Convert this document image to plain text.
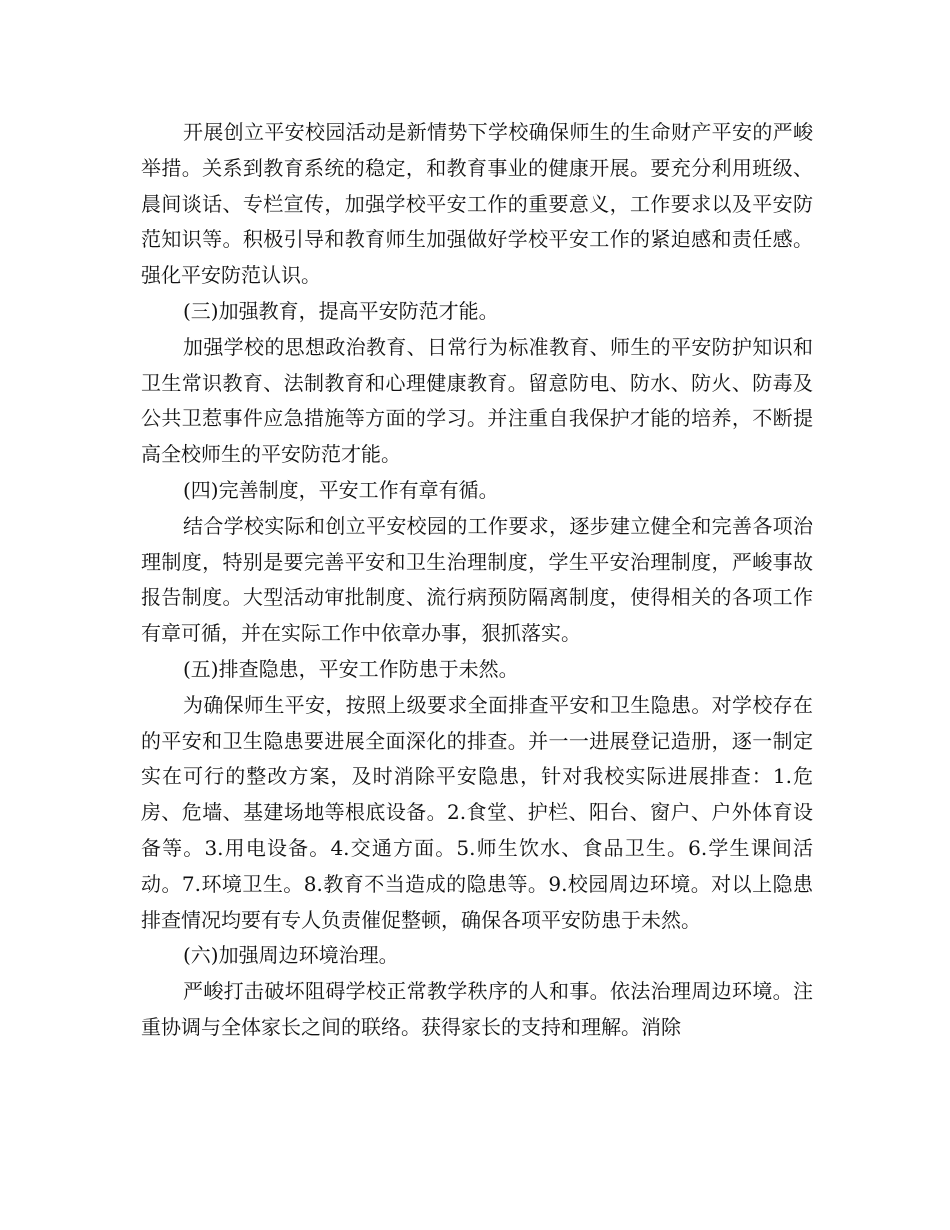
开展创立平安校园活动是新情势下学校确保师生的生命财产平安的严峻举措。关系到教育系统的稳定，和教育事业的健康开展。要充分利用班级、晨间谈话、专栏宣传，加强学校平安工作的重要意义，工作要求以及平安防范知识等。积极引导和教育师生加强做好学校平安工作的紧迫感和责任感。强化平安防范认识。

(三)加强教育，提高平安防范才能。

加强学校的思想政治教育、日常行为标准教育、师生的平安防护知识和卫生常识教育、法制教育和心理健康教育。留意防电、防水、防火、防毒及公共卫惹事件应急措施等方面的学习。并注重自我保护才能的培养，不断提高全校师生的平安防范才能。

(四)完善制度，平安工作有章有循。

结合学校实际和创立平安校园的工作要求，逐步建立健全和完善各项治理制度，特别是要完善平安和卫生治理制度，学生平安治理制度，严峻事故报告制度。大型活动审批制度、流行病预防隔离制度，使得相关的各项工作有章可循，并在实际工作中依章办事，狠抓落实。

(五)排查隐患，平安工作防患于未然。

为确保师生平安，按照上级要求全面排查平安和卫生隐患。对学校存在的平安和卫生隐患要进展全面深化的排查。并一一进展登记造册，逐一制定实在可行的整改方案，及时消除平安隐患，针对我校实际进展排查：1.危房、危墙、基建场地等根底设备。2.食堂、护栏、阳台、窗户、户外体育设备等。3.用电设备。4.交通方面。5.师生饮水、食品卫生。6.学生课间活动。7.环境卫生。8.教育不当造成的隐患等。9.校园周边环境。对以上隐患排查情况均要有专人负责催促整顿，确保各项平安防患于未然。

(六)加强周边环境治理。

严峻打击破坏阻碍学校正常教学秩序的人和事。依法治理周边环境。注重协调与全体家长之间的联络。获得家长的支持和理解。消除
